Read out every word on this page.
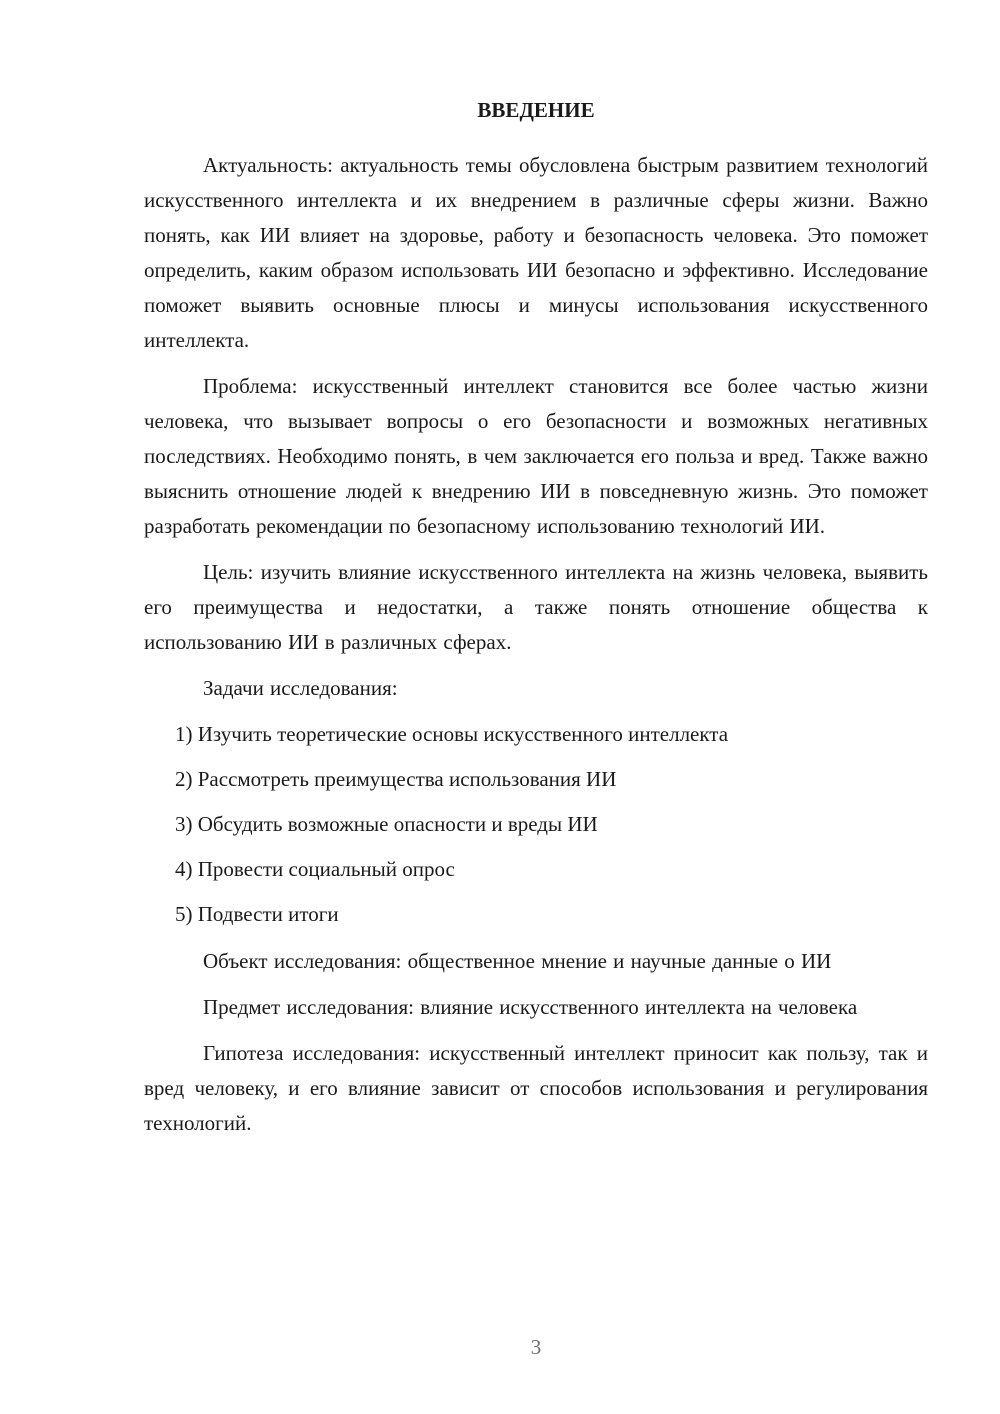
ВВЕДЕНИЕ

Актуальность: актуальность темы обусловлена быстрым развитием технологий искусственного интеллекта и их внедрением в различные сферы жизни. Важно понять, как ИИ влияет на здоровье, работу и безопасность человека. Это поможет определить, каким образом использовать ИИ безопасно и эффективно. Исследование поможет выявить основные плюсы и минусы использования искусственного интеллекта.

Проблема: искусственный интеллект становится все более частью жизни человека, что вызывает вопросы о его безопасности и возможных негативных последствиях. Необходимо понять, в чем заключается его польза и вред. Также важно выяснить отношение людей к внедрению ИИ в повседневную жизнь. Это поможет разработать рекомендации по безопасному использованию технологий ИИ.

Цель: изучить влияние искусственного интеллекта на жизнь человека, выявить его преимущества и недостатки, а также понять отношение общества к использованию ИИ в различных сферах.

Задачи исследования:

1) Изучить теоретические основы искусственного интеллекта
2) Рассмотреть преимущества использования ИИ
3) Обсудить возможные опасности и вреды ИИ
4) Провести социальный опрос
5) Подвести итоги

Объект исследования: общественное мнение и научные данные о ИИ

Предмет исследования: влияние искусственного интеллекта на человека

Гипотеза исследования: искусственный интеллект приносит как пользу, так и вред человеку, и его влияние зависит от способов использования и регулирования технологий.

3
